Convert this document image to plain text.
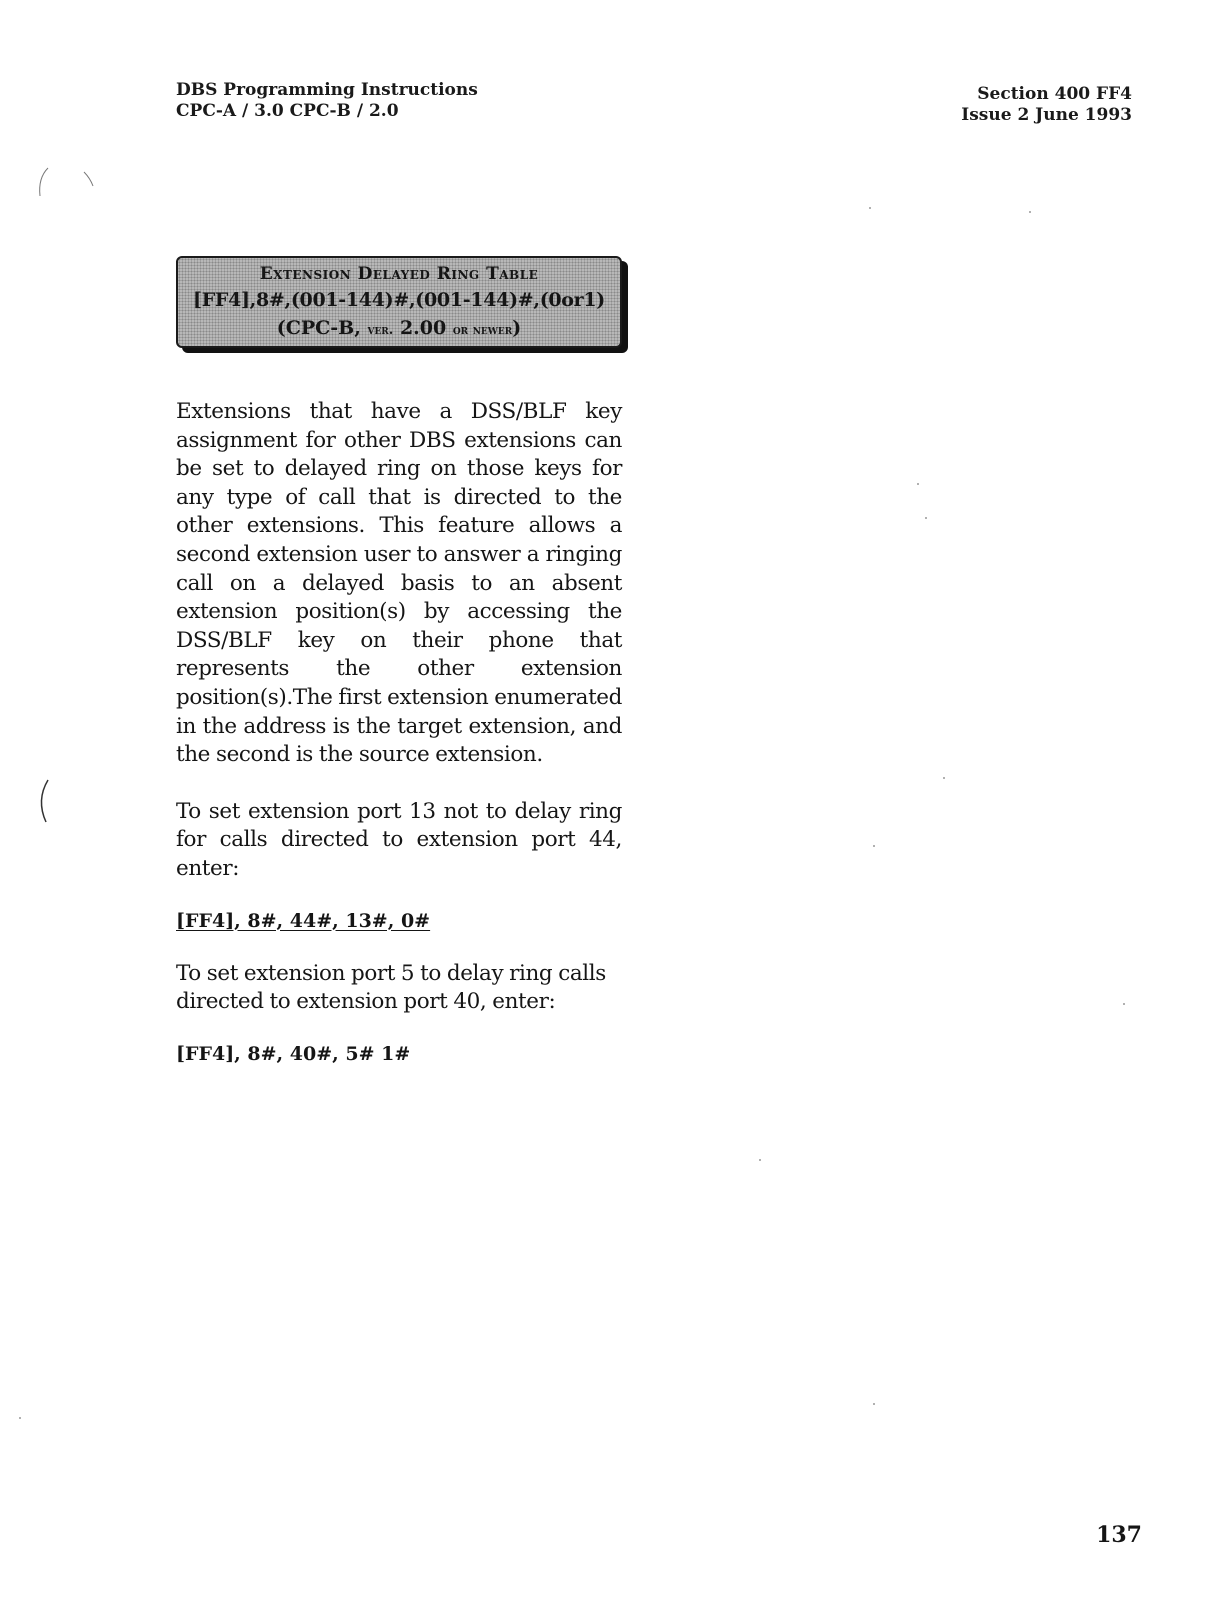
DBS Programming Instructions
CPC-A / 3.0 CPC-B / 2.0
Section 400 FF4
Issue 2 June 1993
Extension Delayed Ring Table
[FF4],8#,(001-144)#,(001-144)#,(0or1)
(CPC-B, ver. 2.00 or newer)

Extensions that have a DSS/BLF key assignment for other DBS extensions can be set to delayed ring on those keys for any type of call that is directed to the other extensions. This feature allows a second extension user to answer a ringing call on a delayed basis to an absent extension position(s) by accessing the DSS/BLF key on their phone that represents the other extension position(s).The first extension enumerated in the address is the target extension, and the second is the source extension.

To set extension port 13 not to delay ring for calls directed to extension port 44, enter:

[FF4], 8#, 44#, 13#, 0#

To set extension port 5 to delay ring calls directed to extension port 40, enter:

[FF4], 8#, 40#, 5# 1#
137
